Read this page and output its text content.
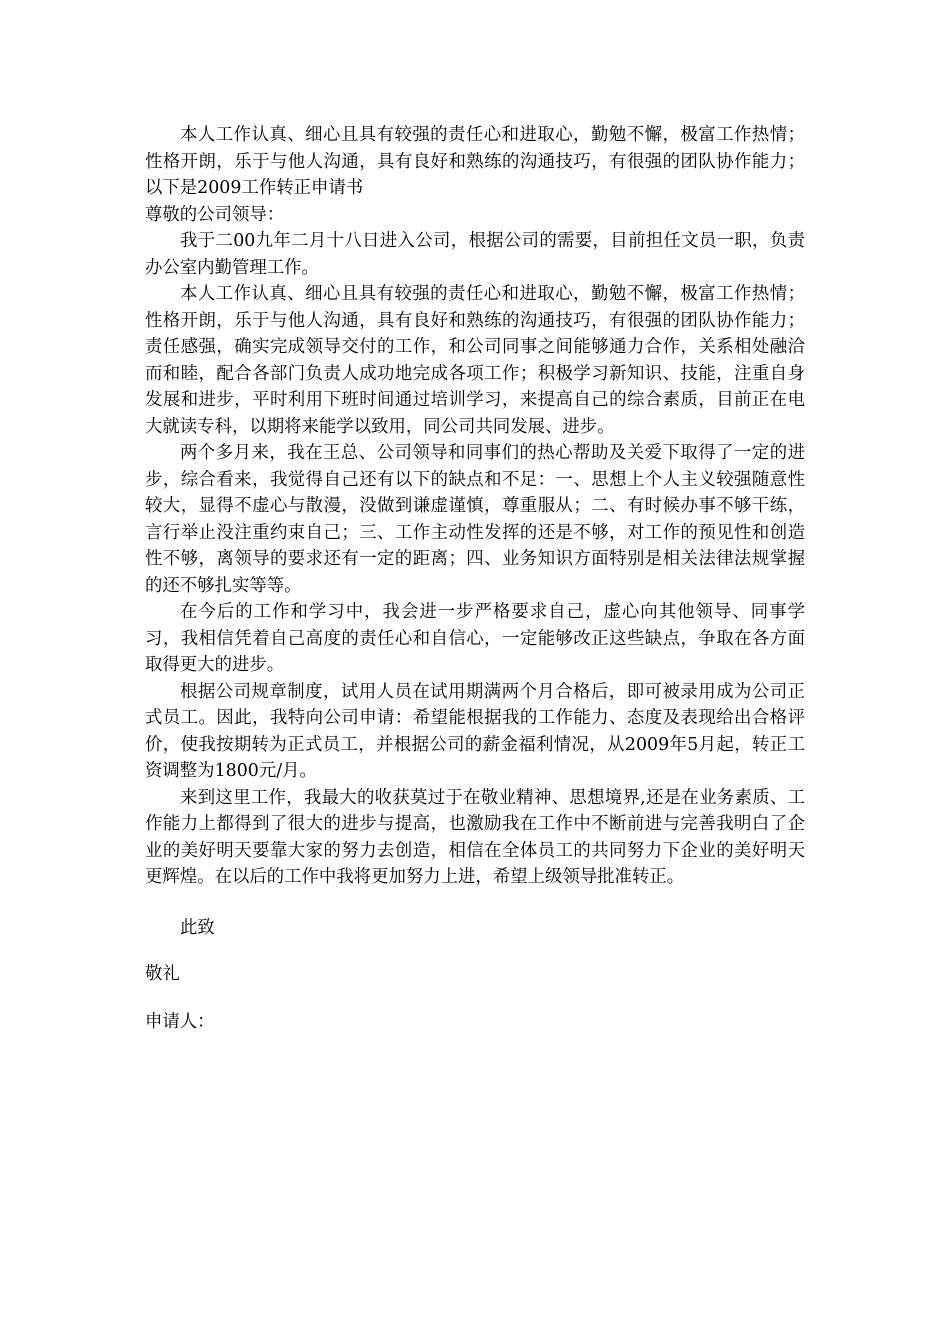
本人工作认真、细心且具有较强的责任心和进取心，勤勉不懈，极富工作热情；性格开朗，乐于与他人沟通，具有良好和熟练的沟通技巧，有很强的团队协作能力；以下是2009工作转正申请书

尊敬的公司领导：

我于二00九年二月十八日进入公司，根据公司的需要，目前担任文员一职，负责办公室内勤管理工作。

本人工作认真、细心且具有较强的责任心和进取心，勤勉不懈，极富工作热情；性格开朗，乐于与他人沟通，具有良好和熟练的沟通技巧，有很强的团队协作能力；责任感强，确实完成领导交付的工作，和公司同事之间能够通力合作，关系相处融洽而和睦，配合各部门负责人成功地完成各项工作；积极学习新知识、技能，注重自身发展和进步，平时利用下班时间通过培训学习，来提高自己的综合素质，目前正在电大就读专科，以期将来能学以致用，同公司共同发展、进步。

两个多月来，我在王总、公司领导和同事们的热心帮助及关爱下取得了一定的进步，综合看来，我觉得自己还有以下的缺点和不足：一、思想上个人主义较强随意性较大，显得不虚心与散漫，没做到谦虚谨慎，尊重服从；二、有时候办事不够干练，言行举止没注重约束自己；三、工作主动性发挥的还是不够，对工作的预见性和创造性不够，离领导的要求还有一定的距离；四、业务知识方面特别是相关法律法规掌握的还不够扎实等等。

在今后的工作和学习中，我会进一步严格要求自己，虚心向其他领导、同事学习，我相信凭着自己高度的责任心和自信心，一定能够改正这些缺点，争取在各方面取得更大的进步。

根据公司规章制度，试用人员在试用期满两个月合格后，即可被录用成为公司正式员工。因此，我特向公司申请：希望能根据我的工作能力、态度及表现给出合格评价，使我按期转为正式员工，并根据公司的薪金福利情况，从2009年5月起，转正工资调整为1800元/月。

来到这里工作，我最大的收获莫过于在敬业精神、思想境界,还是在业务素质、工作能力上都得到了很大的进步与提高，也激励我在工作中不断前进与完善我明白了企业的美好明天要靠大家的努力去创造，相信在全体员工的共同努力下企业的美好明天更辉煌。在以后的工作中我将更加努力上进，希望上级领导批准转正。

此致

敬礼

申请人：
